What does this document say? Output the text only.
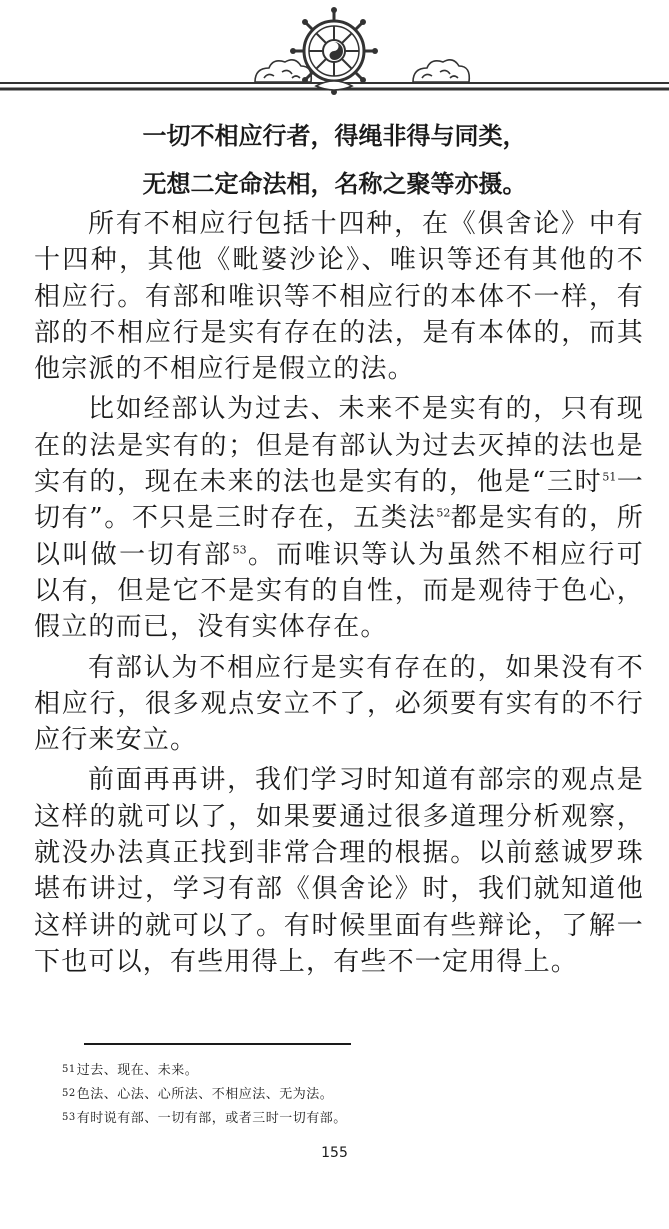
一切不相应行者，得绳非得与同类，
无想二定命法相，名称之聚等亦摄。

所有不相应行包括十四种，在《俱舍论》中有十四种，其他《毗婆沙论》、唯识等还有其他的不相应行。有部和唯识等不相应行的本体不一样，有部的不相应行是实有存在的法，是有本体的，而其他宗派的不相应行是假立的法。

比如经部认为过去、未来不是实有的，只有现在的法是实有的；但是有部认为过去灭掉的法也是实有的，现在未来的法也是实有的，他是“三时$^{51}$一切有”。不只是三时存在，五类法$^{52}$都是实有的，所以叫做一切有部$^{53}$。而唯识等认为虽然不相应行可以有，但是它不是实有的自性，而是观待于色心，假立的而已，没有实体存在。

有部认为不相应行是实有存在的，如果没有不相应行，很多观点安立不了，必须要有实有的不行应行来安立。

前面再再讲，我们学习时知道有部宗的观点是这样的就可以了，如果要通过很多道理分析观察，就没办法真正找到非常合理的根据。以前慈诚罗珠堪布讲过，学习有部《俱舍论》时，我们就知道他这样讲的就可以了。有时候里面有些辩论，了解一下也可以，有些用得上，有些不一定用得上。

51过去、现在、未来。
52色法、心法、心所法、不相应法、无为法。
53有时说有部、一切有部，或者三时一切有部。
155
